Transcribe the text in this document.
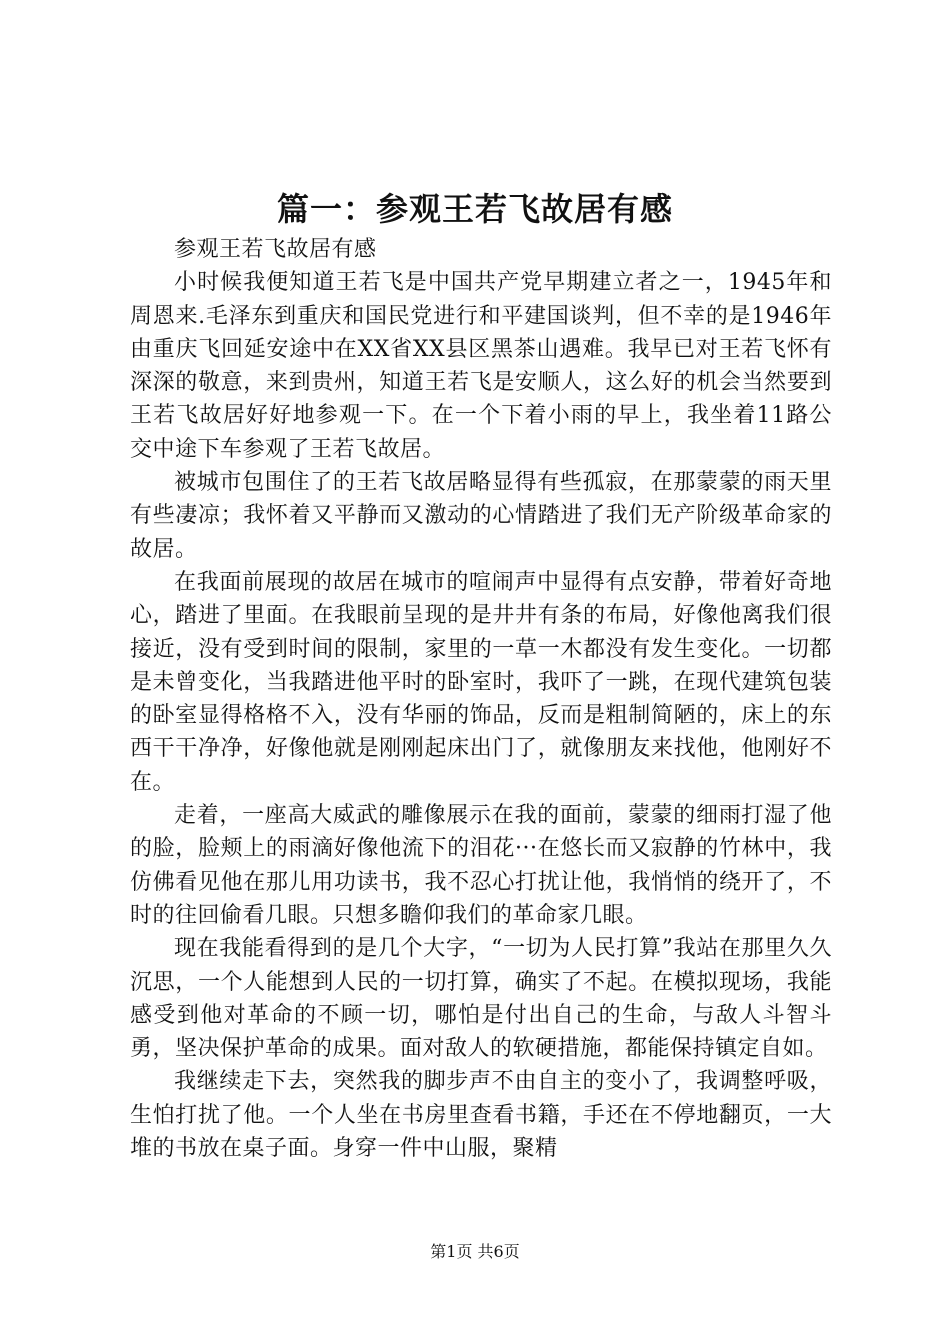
篇一：参观王若飞故居有感

参观王若飞故居有感

小时候我便知道王若飞是中国共产党早期建立者之一，1945年和周恩来.毛泽东到重庆和国民党进行和平建国谈判，但不幸的是1946年由重庆飞回延安途中在XX省XX县区黑茶山遇难。我早已对王若飞怀有深深的敬意，来到贵州，知道王若飞是安顺人，这么好的机会当然要到王若飞故居好好地参观一下。在一个下着小雨的早上，我坐着11路公交中途下车参观了王若飞故居。

被城市包围住了的王若飞故居略显得有些孤寂，在那蒙蒙的雨天里有些凄凉；我怀着又平静而又激动的心情踏进了我们无产阶级革命家的故居。

在我面前展现的故居在城市的喧闹声中显得有点安静，带着好奇地心，踏进了里面。在我眼前呈现的是井井有条的布局，好像他离我们很接近，没有受到时间的限制，家里的一草一木都没有发生变化。一切都是未曾变化，当我踏进他平时的卧室时，我吓了一跳，在现代建筑包装的卧室显得格格不入，没有华丽的饰品，反而是粗制简陋的，床上的东西干干净净，好像他就是刚刚起床出门了，就像朋友来找他，他刚好不在。

走着，一座高大威武的雕像展示在我的面前，蒙蒙的细雨打湿了他的脸，脸颊上的雨滴好像他流下的泪花···在悠长而又寂静的竹林中，我仿佛看见他在那儿用功读书，我不忍心打扰让他，我悄悄的绕开了，不时的往回偷看几眼。只想多瞻仰我们的革命家几眼。

现在我能看得到的是几个大字，“一切为人民打算”我站在那里久久沉思，一个人能想到人民的一切打算，确实了不起。在模拟现场，我能感受到他对革命的不顾一切，哪怕是付出自己的生命，与敌人斗智斗勇，坚决保护革命的成果。面对敌人的软硬措施，都能保持镇定自如。

我继续走下去，突然我的脚步声不由自主的变小了，我调整呼吸，生怕打扰了他。一个人坐在书房里查看书籍，手还在不停地翻页，一大堆的书放在桌子面。身穿一件中山服，聚精

第1页 共6页
